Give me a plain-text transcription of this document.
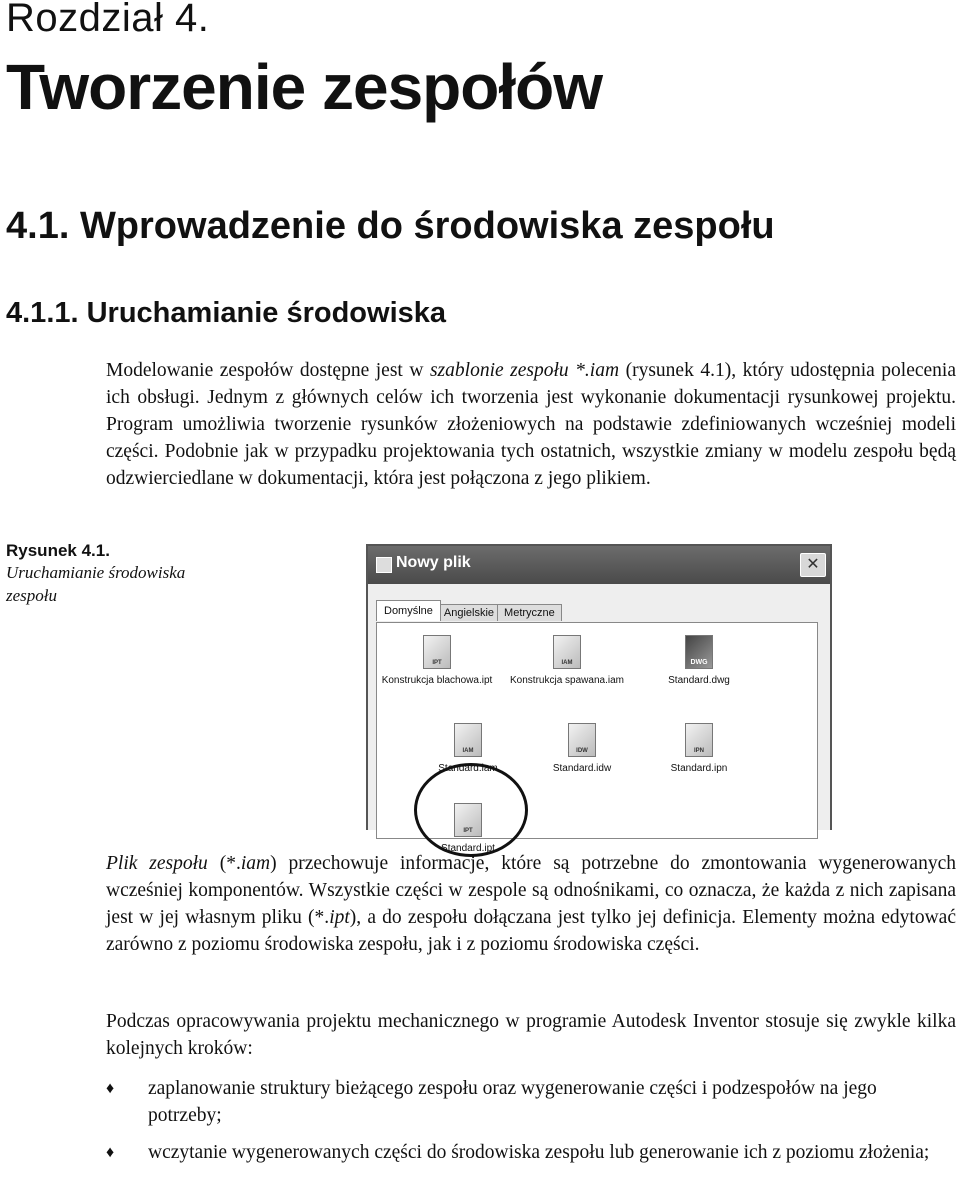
Rozdział 4.
Tworzenie zespołów
4.1. Wprowadzenie do środowiska zespołu
4.1.1. Uruchamianie środowiska

Modelowanie zespołów dostępne jest w szablonie zespołu *.iam (rysunek 4.1), który udostępnia polecenia ich obsługi. Jednym z głównych celów ich tworzenia jest wykonanie dokumentacji rysunkowej projektu. Program umożliwia tworzenie rysunków złożeniowych na podstawie zdefiniowanych wcześniej modeli części. Podobnie jak w przypadku projektowania tych ostatnich, wszystkie zmiany w modelu zespołu będą odzwierciedlane w dokumentacji, która jest połączona z jego plikiem.

Rysunek 4.1.
Uruchamianie środowiska zespołu
Nowy plik	✕
Domyślne Angielskie Metryczne
IPT
Konstrukcja blachowa.ipt
IAM
Konstrukcja spawana.iam
DWG
Standard.dwg
IAM
Standard.iam
IDW
Standard.idw
IPN
Standard.ipn
IPT
Standard.ipt

Plik zespołu (*.iam) przechowuje informacje, które są potrzebne do zmontowania wygenerowanych wcześniej komponentów. Wszystkie części w zespole są odnośnikami, co oznacza, że każda z nich zapisana jest w jej własnym pliku (*.ipt), a do zespołu dołączana jest tylko jej definicja. Elementy można edytować zarówno z poziomu środowiska zespołu, jak i z poziomu środowiska części.

Podczas opracowywania projektu mechanicznego w programie Autodesk Inventor stosuje się zwykle kilka kolejnych kroków:

♦ zaplanowanie struktury bieżącego zespołu oraz wygenerowanie części i podzespołów na jego potrzeby;
♦ wczytanie wygenerowanych części do środowiska zespołu lub generowanie ich z poziomu złożenia;
